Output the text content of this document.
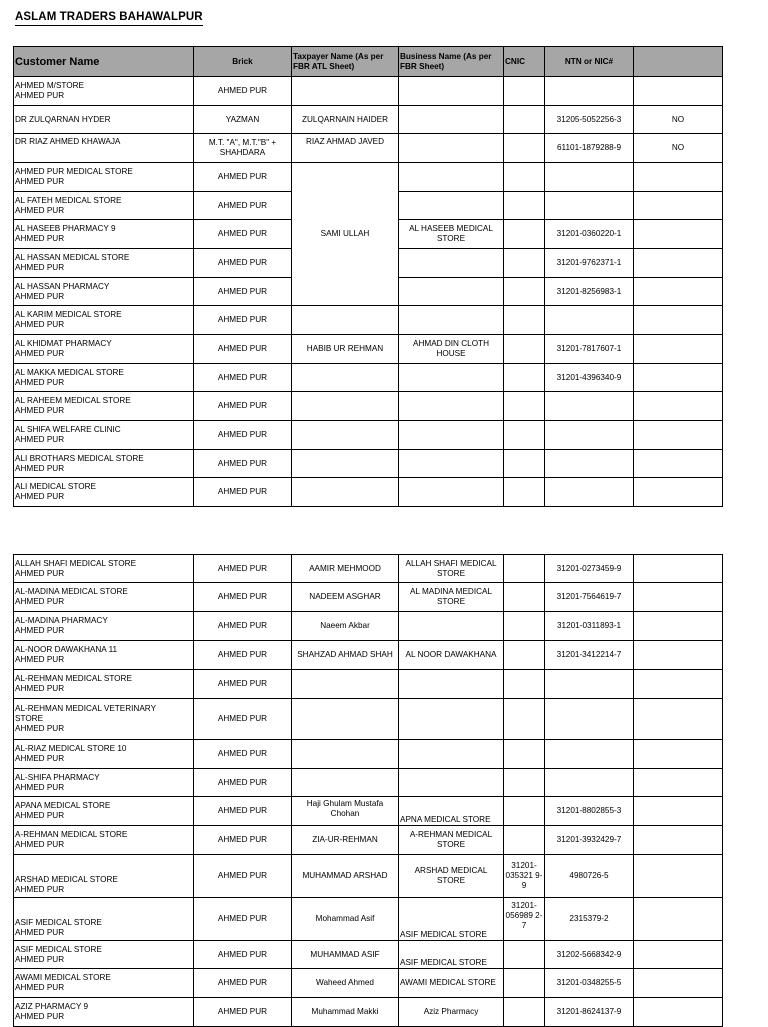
ASLAM TRADERS BAHAWALPUR
Customer Name	Brick	Taxpayer Name (As per FBR ATL Sheet)	Business Name (As per FBR Sheet)	CNIC	NTN or NIC#	

AHMED M/STORE
AHMED PUR	AHMED PUR					

DR ZULQARNAN HYDER	YAZMAN	ZULQARNAIN HAIDER			31205-5052256-3	NO

DR RIAZ AHMED KHAWAJA	M.T. "A", M.T."B" + SHAHDARA	RIAZ AHMAD JAVED			61101-1879288-9	NO

AHMED PUR MEDICAL STORE
AHMED PUR	AHMED PUR	SAMI ULLAH				

AL FATEH MEDICAL STORE
AHMED PUR	AHMED PUR					

AL HASEEB PHARMACY 9
AHMED PUR	AHMED PUR		AL HASEEB MEDICAL STORE		31201-0360220-1	

AL HASSAN MEDICAL STORE
AHMED PUR	AHMED PUR				31201-9762371-1	

AL HASSAN PHARMACY
AHMED PUR	AHMED PUR				31201-8256983-1	

AL KARIM MEDICAL STORE
AHMED PUR	AHMED PUR					

AL KHIDMAT PHARMACY
AHMED PUR	AHMED PUR	HABIB UR REHMAN	AHMAD DIN CLOTH HOUSE		31201-7817607-1	

AL MAKKA MEDICAL STORE
AHMED PUR	AHMED PUR				31201-4396340-9	

AL RAHEEM MEDICAL STORE
AHMED PUR	AHMED PUR					

AL SHIFA WELFARE CLINIC
AHMED PUR	AHMED PUR					

ALI BROTHARS MEDICAL STORE
AHMED PUR	AHMED PUR					

ALI MEDICAL STORE
AHMED PUR	AHMED PUR					
ALLAH SHAFI MEDICAL STORE
AHMED PUR	AHMED PUR	AAMIR MEHMOOD	ALLAH SHAFI MEDICAL STORE		31201-0273459-9	

AL-MADINA MEDICAL STORE
AHMED PUR	AHMED PUR	NADEEM ASGHAR	AL MADINA MEDICAL STORE		31201-7564619-7	

AL-MADINA PHARMACY
AHMED PUR	AHMED PUR	Naeem Akbar			31201-0311893-1	

AL-NOOR DAWAKHANA 11
AHMED PUR	AHMED PUR	SHAHZAD AHMAD SHAH	AL NOOR DAWAKHANA		31201-3412214-7	

AL-REHMAN MEDICAL STORE
AHMED PUR	AHMED PUR					

AL-REHMAN MEDICAL VETERINARY
STORE
AHMED PUR	AHMED PUR					

AL-RIAZ MEDICAL STORE 10
AHMED PUR	AHMED PUR					

AL-SHIFA PHARMACY
AHMED PUR	AHMED PUR					

APANA MEDICAL STORE
AHMED PUR	AHMED PUR	Haji Ghulam Mustafa Chohan	APNA MEDICAL STORE		31201-8802855-3	

A-REHMAN MEDICAL STORE
AHMED PUR	AHMED PUR	ZIA-UR-REHMAN	A-REHMAN MEDICAL STORE		31201-3932429-7	

ARSHAD MEDICAL STORE
AHMED PUR	AHMED PUR	MUHAMMAD ARSHAD	ARSHAD MEDICAL STORE	31201-035321 9-9	4980726-5	

ASIF MEDICAL STORE
AHMED PUR	AHMED PUR	Mohammad Asif	ASIF MEDICAL STORE	31201-056989 2-7	2315379-2	

ASIF MEDICAL STORE
AHMED PUR	AHMED PUR	MUHAMMAD ASIF	ASIF MEDICAL STORE		31202-5668342-9	

AWAMI MEDICAL STORE
AHMED PUR	AHMED PUR	Waheed Ahmed	AWAMI MEDICAL STORE		31201-0348255-5	

AZIZ PHARMACY 9
AHMED PUR	AHMED PUR	Muhammad Makki	Aziz Pharmacy		31201-8624137-9	
